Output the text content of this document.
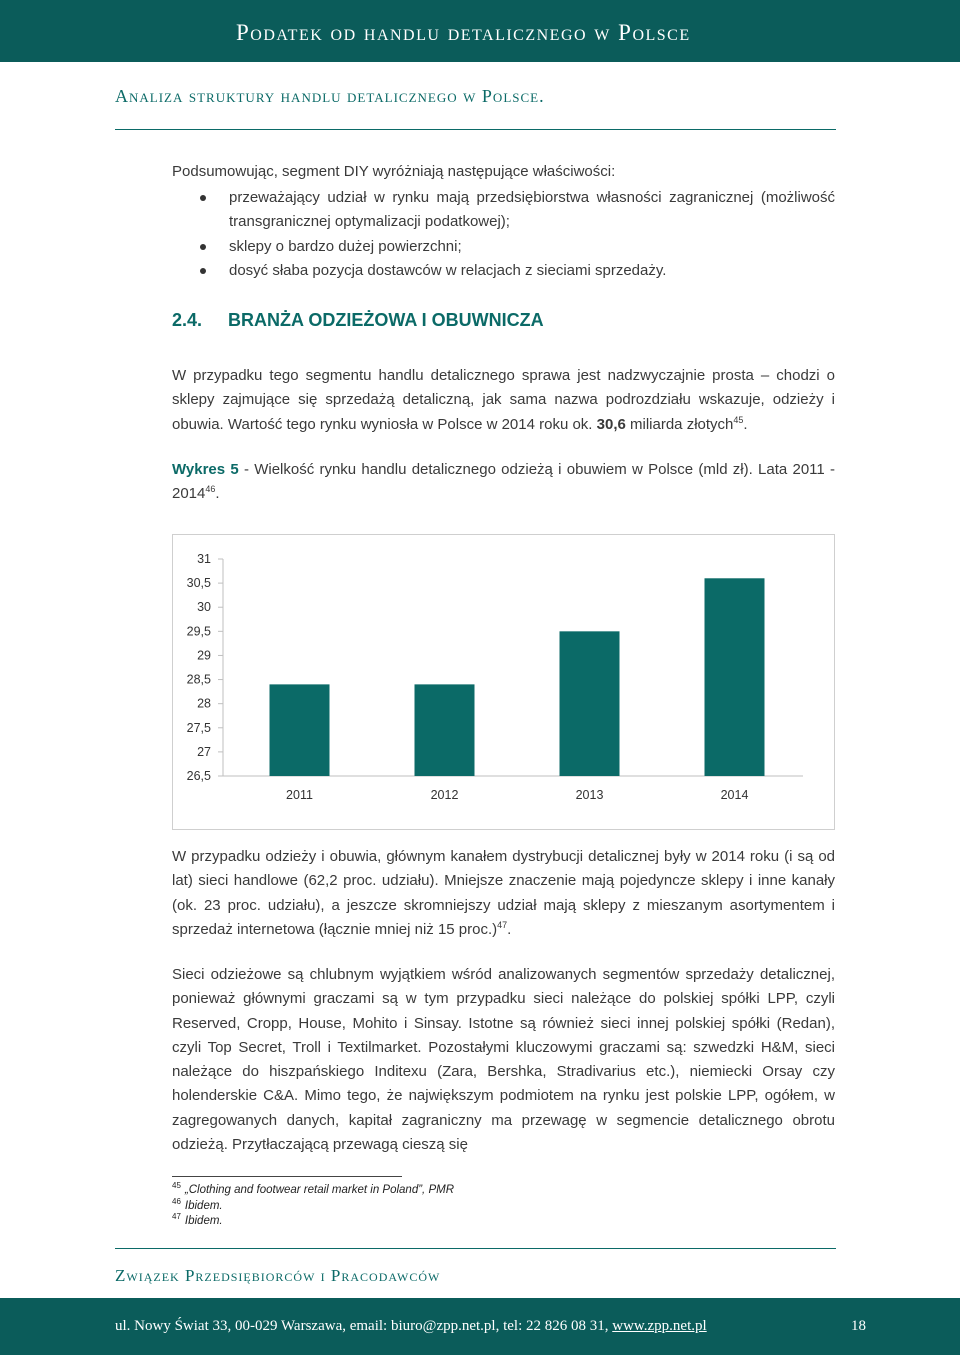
Podatek od handlu detalicznego w Polsce
Analiza struktury handlu detalicznego w Polsce.
Podsumowując, segment DIY wyróżniają następujące właściwości:
przeważający udział w rynku mają przedsiębiorstwa własności zagranicznej (możliwość transgranicznej optymalizacji podatkowej);
sklepy o bardzo dużej powierzchni;
dosyć słaba pozycja dostawców w relacjach z sieciami sprzedaży.
2.4. BRANŻA ODZIEŻOWA I OBUWNICZA
W przypadku tego segmentu handlu detalicznego sprawa jest nadzwyczajnie prosta – chodzi o sklepy zajmujące się sprzedażą detaliczną, jak sama nazwa podrozdziału wskazuje, odzieży i obuwia. Wartość tego rynku wyniosła w Polsce w 2014 roku ok. 30,6 miliarda złotych$^{45}$.
Wykres 5 - Wielkość rynku handlu detalicznego odzieżą i obuwiem w Polsce (mld zł). Lata 2011 - 2014$^{46}$.
31
30,5
30
29,5
29
28,5
28
27,5
27
26,5
2011	2012	2013	2014
W przypadku odzieży i obuwia, głównym kanałem dystrybucji detalicznej były w 2014 roku (i są od lat) sieci handlowe (62,2 proc. udziału). Mniejsze znaczenie mają pojedyncze sklepy i inne kanały (ok. 23 proc. udziału), a jeszcze skromniejszy udział mają sklepy z mieszanym asortymentem i sprzedaż internetowa (łącznie mniej niż 15 proc.)$^{47}$.
Sieci odzieżowe są chlubnym wyjątkiem wśród analizowanych segmentów sprzedaży detalicznej, ponieważ głównymi graczami są w tym przypadku sieci należące do polskiej spółki LPP, czyli Reserved, Cropp, House, Mohito i Sinsay. Istotne są również sieci innej polskiej spółki (Redan), czyli Top Secret, Troll i Textilmarket. Pozostałymi kluczowymi graczami są: szwedzki H&M, sieci należące do hiszpańskiego Inditexu (Zara, Bershka, Stradivarius etc.), niemiecki Orsay czy holenderskie C&A. Mimo tego, że największym podmiotem na rynku jest polskie LPP, ogółem, w zagregowanych danych, kapitał zagraniczny ma przewagę w segmencie detalicznego obrotu odzieżą. Przytłaczającą przewagą cieszą się
$^{45}$ „Clothing and footwear retail market in Poland”, PMR
$^{46}$ Ibidem.
$^{47}$ Ibidem.
Związek Przedsiębiorców i Pracodawców
ul. Nowy Świat 33, 00-029 Warszawa, email: biuro@zpp.net.pl, tel: 22 826 08 31, www.zpp.net.pl	18
